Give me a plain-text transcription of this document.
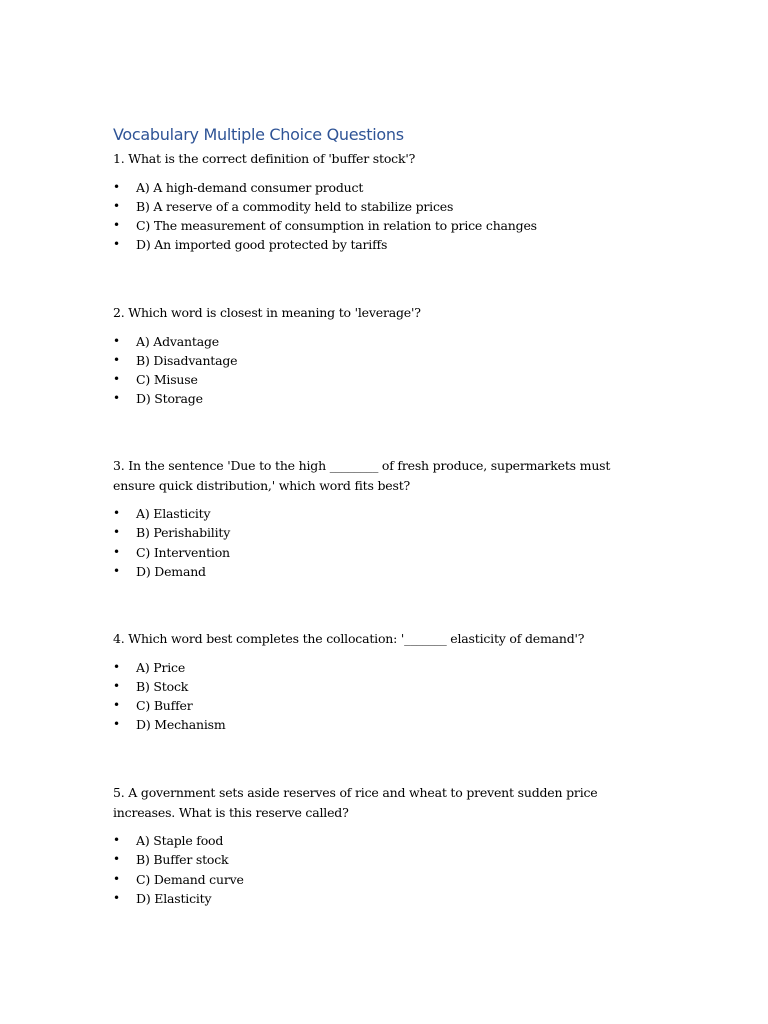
Vocabulary Multiple Choice Questions

1. What is the correct definition of 'buffer stock'?

• A) A high-demand consumer product
• B) A reserve of a commodity held to stabilize prices
• C) The measurement of consumption in relation to price changes
• D) An imported good protected by tariffs

2. Which word is closest in meaning to 'leverage'?

• A) Advantage
• B) Disadvantage
• C) Misuse
• D) Storage

3. In the sentence 'Due to the high ________ of fresh produce, supermarkets must ensure quick distribution,' which word fits best?

• A) Elasticity
• B) Perishability
• C) Intervention
• D) Demand

4. Which word best completes the collocation: '_______ elasticity of demand'?

• A) Price
• B) Stock
• C) Buffer
• D) Mechanism

5. A government sets aside reserves of rice and wheat to prevent sudden price increases. What is this reserve called?

• A) Staple food
• B) Buffer stock
• C) Demand curve
• D) Elasticity
